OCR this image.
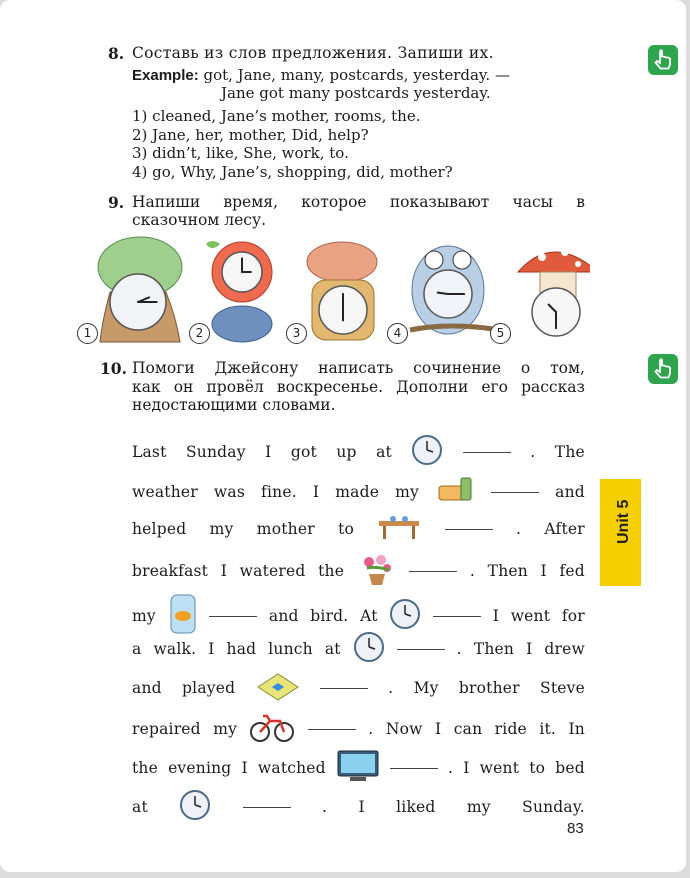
8. Составь из слов предложения. Запиши их.
Example: got, Jane, many, postcards, yesterday. —
Jane got many postcards yesterday.
1) cleaned, Jane’s mother, rooms, the.
2) Jane, her, mother, Did, help?
3) didn’t, like, She, work, to.
4) go, Why, Jane’s, shopping, did, mother?
9. Напиши время, которое показывают часы в
сказочном лесу.
1	2	3	4	5
10. Помоги Джейсону написать сочинение о том,
как он провёл воскресенье. Дополни его рассказ
недостающими словами.
Last Sunday I got up at	. The
weather was fine. I made my	and
helped my mother to	. After
breakfast I watered the	. Then I fed
my	and bird. At	I went for
a walk. I had lunch at	. Then I drew
and played	. My brother Steve
repaired my	. Now I can ride it. In
the evening I watched	. I went to bed
at	. I liked my Sunday.
Unit 5
83
